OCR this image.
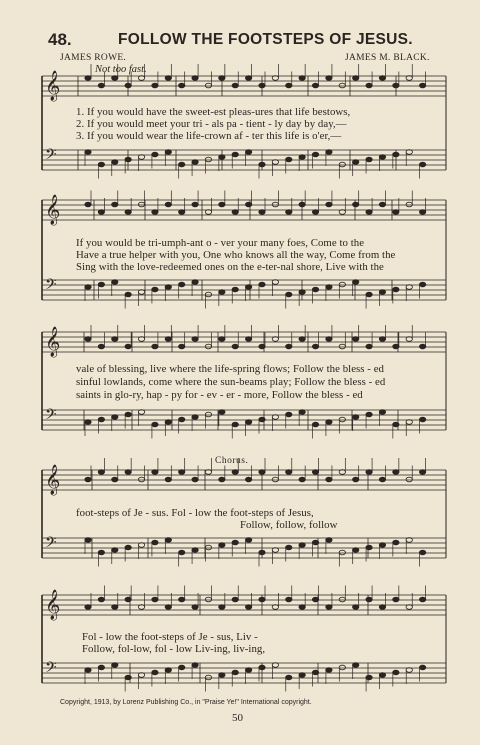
48.	FOLLOW THE FOOTSTEPS OF JESUS.
JAMES ROWE.	JAMES M. BLACK.
Not too fast.
𝄞
𝄢
𝄞
𝄢
𝄞
𝄢
𝄞
𝄢
𝄞
𝄢
1. If you would have the sweet-est pleas-ures that life bestows,
2. If you would meet your tri - als pa - tient - ly day by day,—
3. If you would wear the life-crown af - ter this life is o'er,—
If you would be tri-umph-ant o - ver your many foes, Come to the
Have a true helper with you, One who knows all the way, Come from the
Sing with the love-redeemed ones on the e-ter-nal shore, Live with the
vale of blessing, live where the life-spring flows; Follow the bless - ed
sinful lowlands, come where the sun-beams play; Follow the bless - ed
saints in glo-ry, hap - py for - ev - er - more, Follow the bless - ed
Chorus.
foot-steps of Je - sus. Fol - low the foot-steps of Jesus,
Follow, follow, follow
Fol - low the foot-steps of Je - sus, Liv -
Follow, fol-low, fol - low Liv-ing, liv-ing,
Copyright, 1913, by Lorenz Publishing Co., in "Praise Ye!" International copyright.
50
